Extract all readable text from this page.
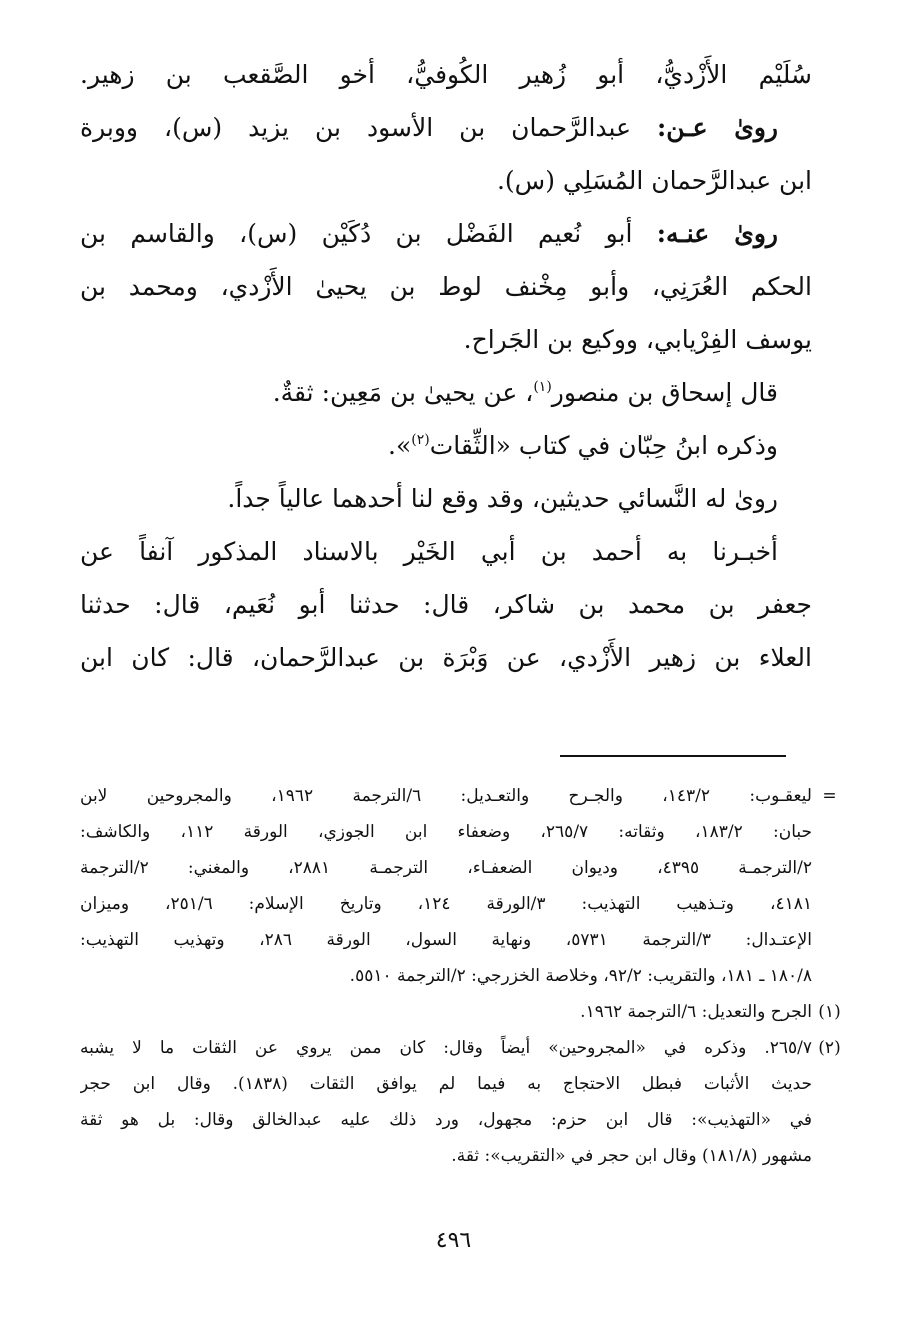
سُلَيْم الأَزْديُّ، أبو زُهير الكُوفيُّ، أخو الصَّقعب بن زهير.
رویٰ عـن: عبدالرَّحمان بن الأسود بن يزيد (س)، ووبرة
ابن عبدالرَّحمان المُسَلِي (س).
رویٰ عنـه: أبو نُعيم الفَضْل بن دُكَيْن (س)، والقاسم بن
الحكم العُرَنِي، وأبو مِخْنف لوط بن يحيىٰ الأَزْدي، ومحمد بن
يوسف الفِرْيابي، ووكيع بن الجَراح.
قال إسحاق بن منصور$^{(١)}$، عن يحيىٰ بن مَعِين: ثقةٌ.
وذكره ابنُ حِبّان في كتاب «الثِّقات$^{(٢)}$».
رویٰ له النَّسائي حديثين، وقد وقع لنا أحدهما عالياً جداً.
أخبـرنا به أحمد بن أبي الخَيْر بالاسناد المذكور آنفاً عن
جعفر بن محمد بن شاكر، قال: حدثنا أبو نُعَيم، قال: حدثنا
العلاء بن زهير الأَزْدي، عن وَبْرَة بن عبدالرَّحمان، قال: كان ابن
=
ليعقـوب: ١٤٣/٢، والجـرح والتعـديل: ٦/الترجمة ١٩٦٢، والمجروحين لابن
حبان: ١٨٣/٢، وثقاته: ٢٦٥/٧، وضعفاء ابن الجوزي، الورقة ١١٢، والكاشف:
٢/الترجمـة ٤٣٩٥، وديوان الضعفـاء، الترجمـة ٢٨٨١، والمغني: ٢/الترجمة
٤١٨١، وتـذهيب التهذيب: ٣/الورقة ١٢٤، وتاريخ الإسلام: ٢٥١/٦، وميزان
الإعتـدال: ٣/الترجمة ٥٧٣١، ونهاية السول، الورقة ٢٨٦، وتهذيب التهذيب:
١٨٠/٨ ـ ١٨١، والتقريب: ٩٢/٢، وخلاصة الخزرجي: ٢/الترجمة ٥٥١٠.
(١)
الجرح والتعديل: ٦/الترجمة ١٩٦٢.
(٢)
٢٦٥/٧. وذكره في «المجروحين» أيضاً وقال: كان ممن يروي عن الثقات ما لا يشبه
حديث الأثبات فبطل الاحتجاج به فيما لم يوافق الثقات (١٨٣٨). وقال ابن حجر
في «التهذيب»: قال ابن حزم: مجهول، ورد ذلك عليه عبدالخالق وقال: بل هو ثقة
مشهور (١٨١/٨) وقال ابن حجر في «التقريب»: ثقة.
٤٩٦
